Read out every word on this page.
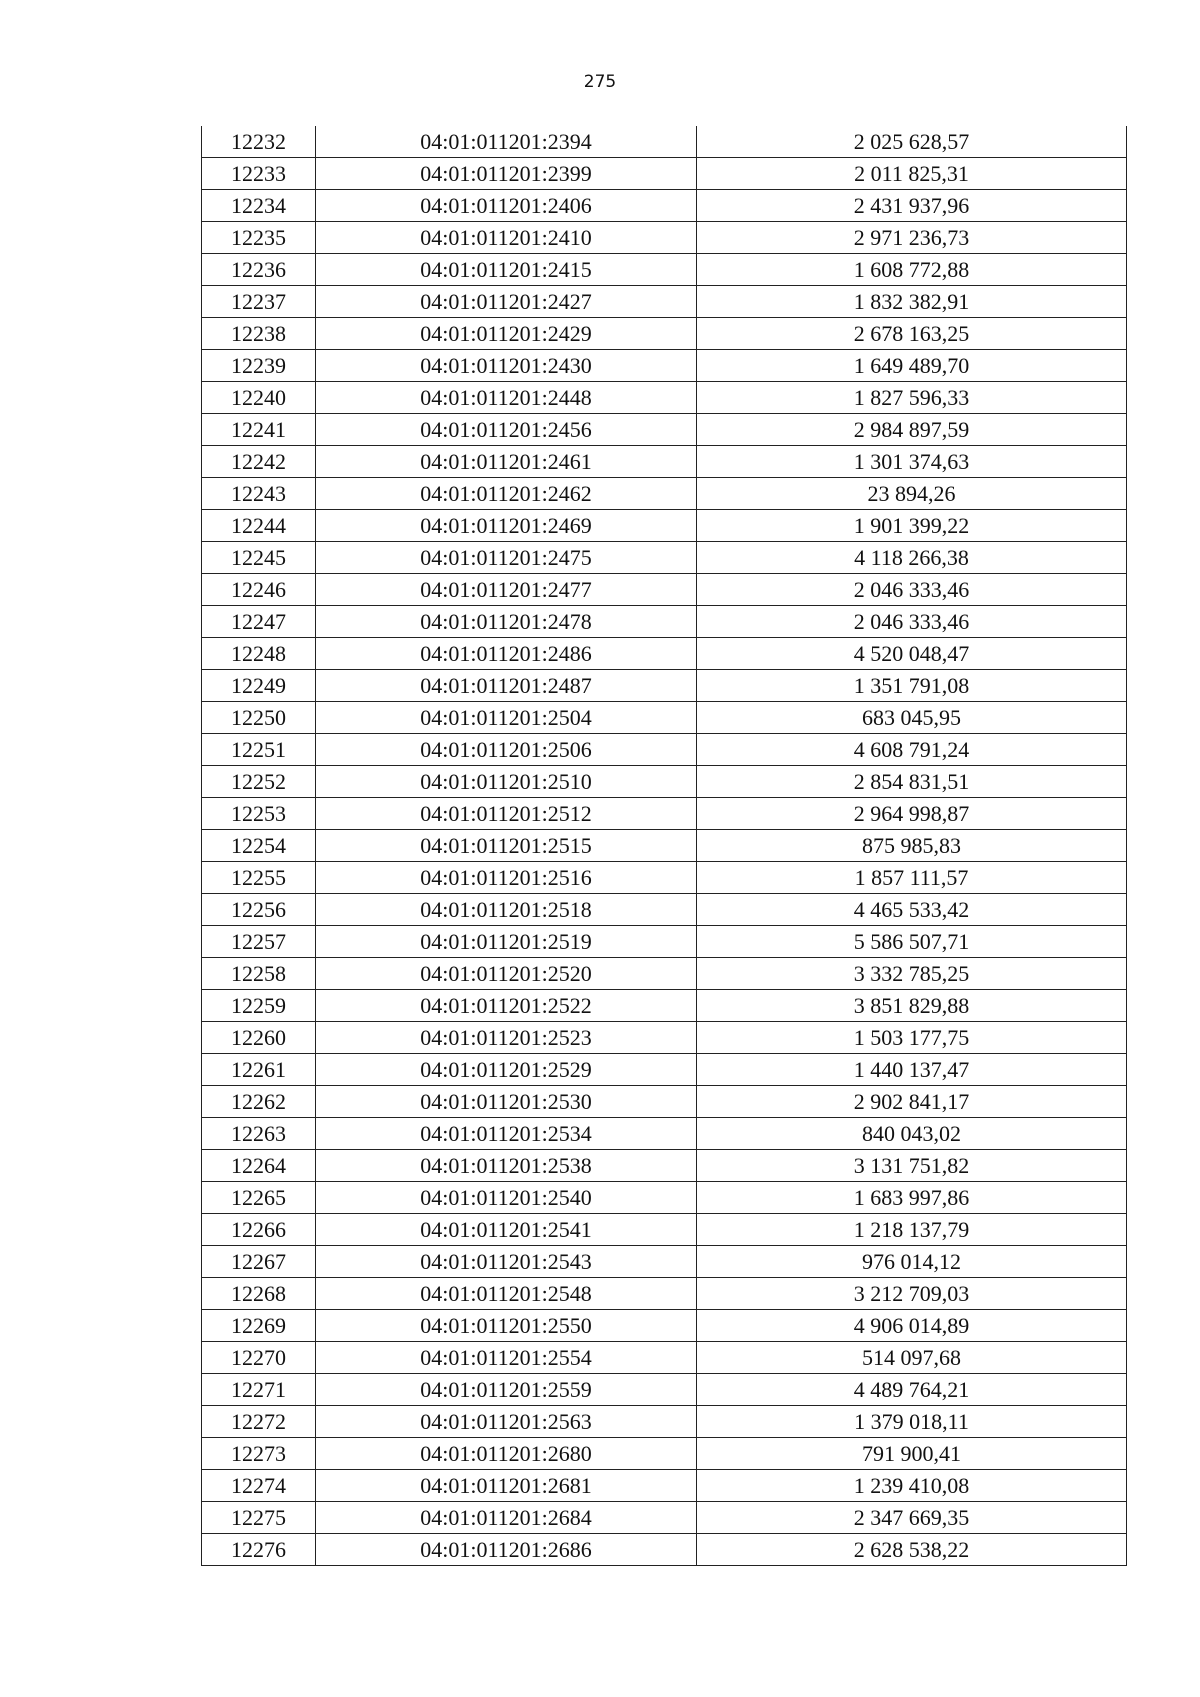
275
12232	04:01:011201:2394	2 025 628,57
12233	04:01:011201:2399	2 011 825,31
12234	04:01:011201:2406	2 431 937,96
12235	04:01:011201:2410	2 971 236,73
12236	04:01:011201:2415	1 608 772,88
12237	04:01:011201:2427	1 832 382,91
12238	04:01:011201:2429	2 678 163,25
12239	04:01:011201:2430	1 649 489,70
12240	04:01:011201:2448	1 827 596,33
12241	04:01:011201:2456	2 984 897,59
12242	04:01:011201:2461	1 301 374,63
12243	04:01:011201:2462	23 894,26
12244	04:01:011201:2469	1 901 399,22
12245	04:01:011201:2475	4 118 266,38
12246	04:01:011201:2477	2 046 333,46
12247	04:01:011201:2478	2 046 333,46
12248	04:01:011201:2486	4 520 048,47
12249	04:01:011201:2487	1 351 791,08
12250	04:01:011201:2504	683 045,95
12251	04:01:011201:2506	4 608 791,24
12252	04:01:011201:2510	2 854 831,51
12253	04:01:011201:2512	2 964 998,87
12254	04:01:011201:2515	875 985,83
12255	04:01:011201:2516	1 857 111,57
12256	04:01:011201:2518	4 465 533,42
12257	04:01:011201:2519	5 586 507,71
12258	04:01:011201:2520	3 332 785,25
12259	04:01:011201:2522	3 851 829,88
12260	04:01:011201:2523	1 503 177,75
12261	04:01:011201:2529	1 440 137,47
12262	04:01:011201:2530	2 902 841,17
12263	04:01:011201:2534	840 043,02
12264	04:01:011201:2538	3 131 751,82
12265	04:01:011201:2540	1 683 997,86
12266	04:01:011201:2541	1 218 137,79
12267	04:01:011201:2543	976 014,12
12268	04:01:011201:2548	3 212 709,03
12269	04:01:011201:2550	4 906 014,89
12270	04:01:011201:2554	514 097,68
12271	04:01:011201:2559	4 489 764,21
12272	04:01:011201:2563	1 379 018,11
12273	04:01:011201:2680	791 900,41
12274	04:01:011201:2681	1 239 410,08
12275	04:01:011201:2684	2 347 669,35
12276	04:01:011201:2686	2 628 538,22
